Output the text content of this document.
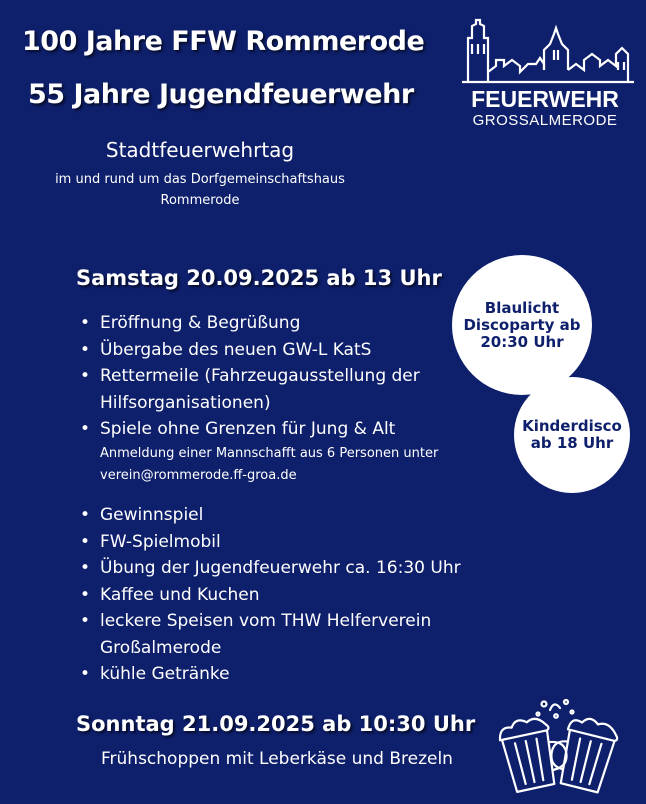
100 Jahre FFW Rommerode
55 Jahre Jugendfeuerwehr	FEUERWEHR
GROSSALMERODE
Stadtfeuerwehrtag
im und rund um das Dorfgemeinschaftshaus
Rommerode
Samstag 20.09.2025 ab 13 Uhr
• Eröffnung & Begrüßung
• Übergabe des neuen GW-L KatS
• Rettermeile (Fahrzeugausstellung der
Hilfsorganisationen)
• Spiele ohne Grenzen für Jung & Alt
Anmeldung einer Mannschafft aus 6 Personen unter
verein@rommerode.ff-groa.de
• Gewinnspiel
• FW-Spielmobil
• Übung der Jugendfeuerwehr ca. 16:30 Uhr
• Kaffee und Kuchen
• leckere Speisen vom THW Helferverein
Großalmerode
• kühle Getränke
Blaulicht
Discoparty ab
20:30 Uhr
Kinderdisco
ab 18 Uhr
Sonntag 21.09.2025 ab 10:30 Uhr
Frühschoppen mit Leberkäse und Brezeln
